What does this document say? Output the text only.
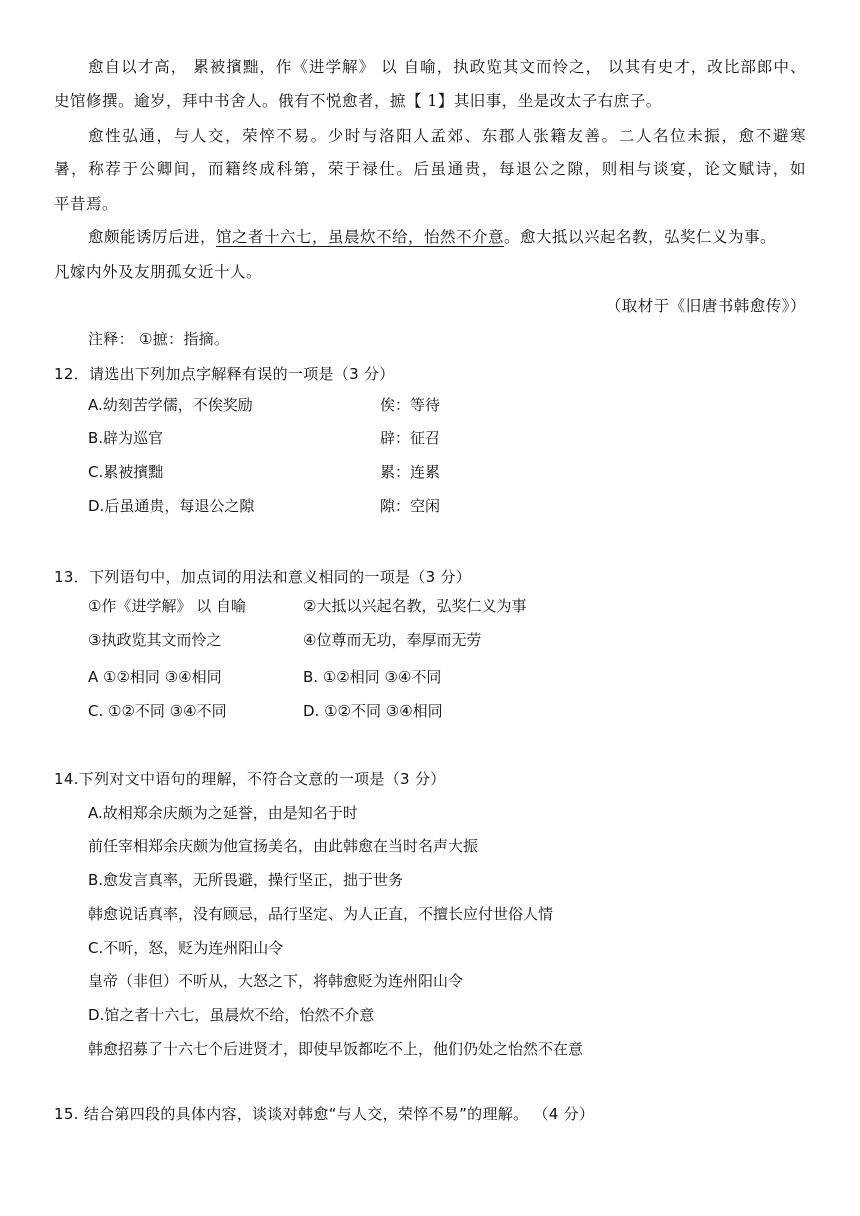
愈自以才高， 累被擯黜，作《进学解》 以 自喻，执政览其文而怜之， 以其有史才，改比部郎中、
史馆修撰。逾岁，拜中书舍人。俄有不悦愈者，摭【 1】其旧事，坐是改太子右庶子。
愈性弘通，与人交，荣悴不易。少时与洛阳人孟郊、东郡人张籍友善。二人名位未振，愈不避寒
暑，称荐于公卿间，而籍终成科第，荣于禄仕。后虽通贵，每退公之隙，则相与谈宴，论文赋诗，如
平昔焉。
愈颇能诱厉后进，馆之者十六七，虽晨炊不给，怡然不介意。愈大抵以兴起名教，弘奖仁义为事。
凡嫁内外及友朋孤女近十人。
（取材于《旧唐书韩愈传》）
注释： ①摭：指摘。
12．请选出下列加点字解释有误的一项是（3 分）
A.幼刻苦学儒，不俟奖励	俟：等待
B.辟为巡官	辟：征召
C.累被擯黜	累：连累
D.后虽通贵，每退公之隙	隙：空闲
13．下列语句中，加点词的用法和意义相同的一项是（3 分）
①作《进学解》 以 自喻	②大抵以兴起名教，弘奖仁义为事
③执政览其文而怜之	④位尊而无功，奉厚而无劳
A ①②相同 ③④相同	B. ①②相同 ③④不同
C. ①②不同 ③④不同	D. ①②不同 ③④相同
14.下列对文中语句的理解，不符合文意的一项是（3 分）
A.故相郑余庆颇为之延誉，由是知名于时
前任宰相郑余庆颇为他宣扬美名，由此韩愈在当时名声大振
B.愈发言真率，无所畏避，操行坚正，拙于世务
韩愈说话真率，没有顾忌，品行坚定、为人正直，不擅长应付世俗人情
C.不听，怒，贬为连州阳山令
皇帝（非但）不听从，大怒之下，将韩愈贬为连州阳山令
D.馆之者十六七，虽晨炊不给，怡然不介意
韩愈招募了十六七个后进贤才，即使早饭都吃不上，他们仍处之怡然不在意
15. 结合第四段的具体内容，谈谈对韩愈“与人交，荣悴不易”的理解。 （4 分）
